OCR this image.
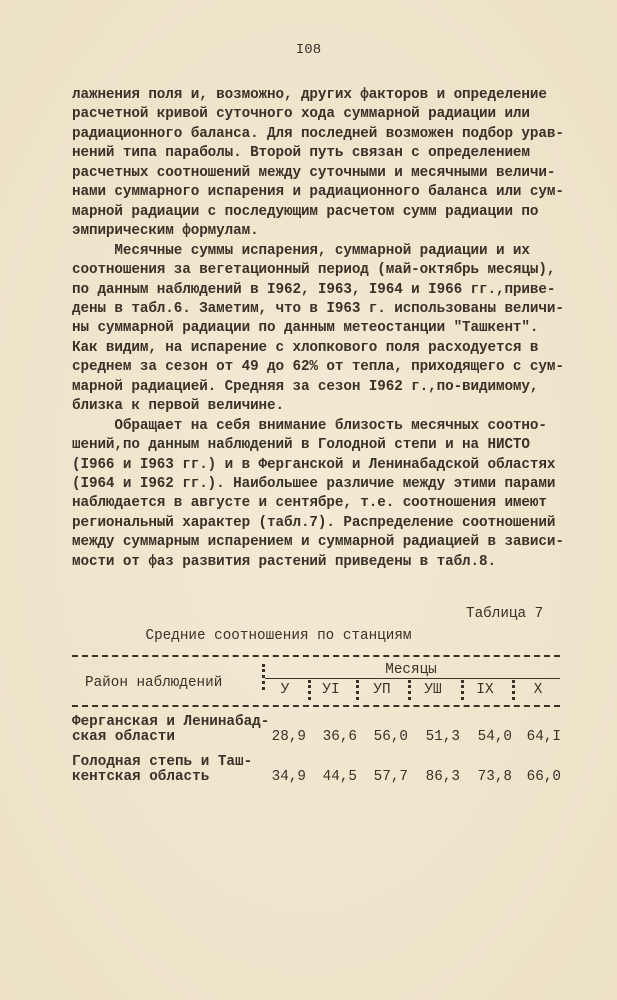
I08
лажнения поля и, возможно, других факторов и определение
расчетной кривой суточного хода суммарной радиации или
радиационного баланса. Для последней возможен подбор урав-
нений типа параболы. Второй путь связан с определением
расчетных соотношений между суточными и месячными величи-
нами суммарного испарения и радиационного баланса или сум-
марной радиации с последующим расчетом сумм радиации по
эмпирическим формулам.
Месячные суммы испарения, суммарной радиации и их
соотношения за вегетационный период (май-октябрь месяцы),
по данным наблюдений в I962, I963, I964 и I966 гг.,приве-
дены в табл.6. Заметим, что в I963 г. использованы величи-
ны суммарной радиации по данным метеостанции "Ташкент".
Как видим, на испарение с хлопкового поля расходуется в
среднем за сезон от 49 до 62% от тепла, приходящего с сум-
марной радиацией. Средняя за сезон I962 г.,по-видимому,
близка к первой величине.
Обращает на себя внимание близость месячных соотно-
шений,по данным наблюдений в Голодной степи и на НИСТО
(I966 и I963 гг.) и в Ферганской и Ленинабадской областях
(I964 и I962 гг.). Наибольшее различие между этими парами
наблюдается в августе и сентябре, т.е. соотношения имеют
региональный характер (табл.7). Распределение соотношений
между суммарным испарением и суммарной радиацией в зависи-
мости от фаз развития растений приведены в табл.8.
Таблица 7
Средние соотношения по станциям
Район наблюдений
Месяцы
У	УI	УП	УШ	IX	X
Ферганская и Ленинабад-
ская области	28,9	36,6	56,0	51,3	54,0	64,I
Голодная степь и Таш-
кентская область	34,9	44,5	57,7	86,3	73,8	66,0
